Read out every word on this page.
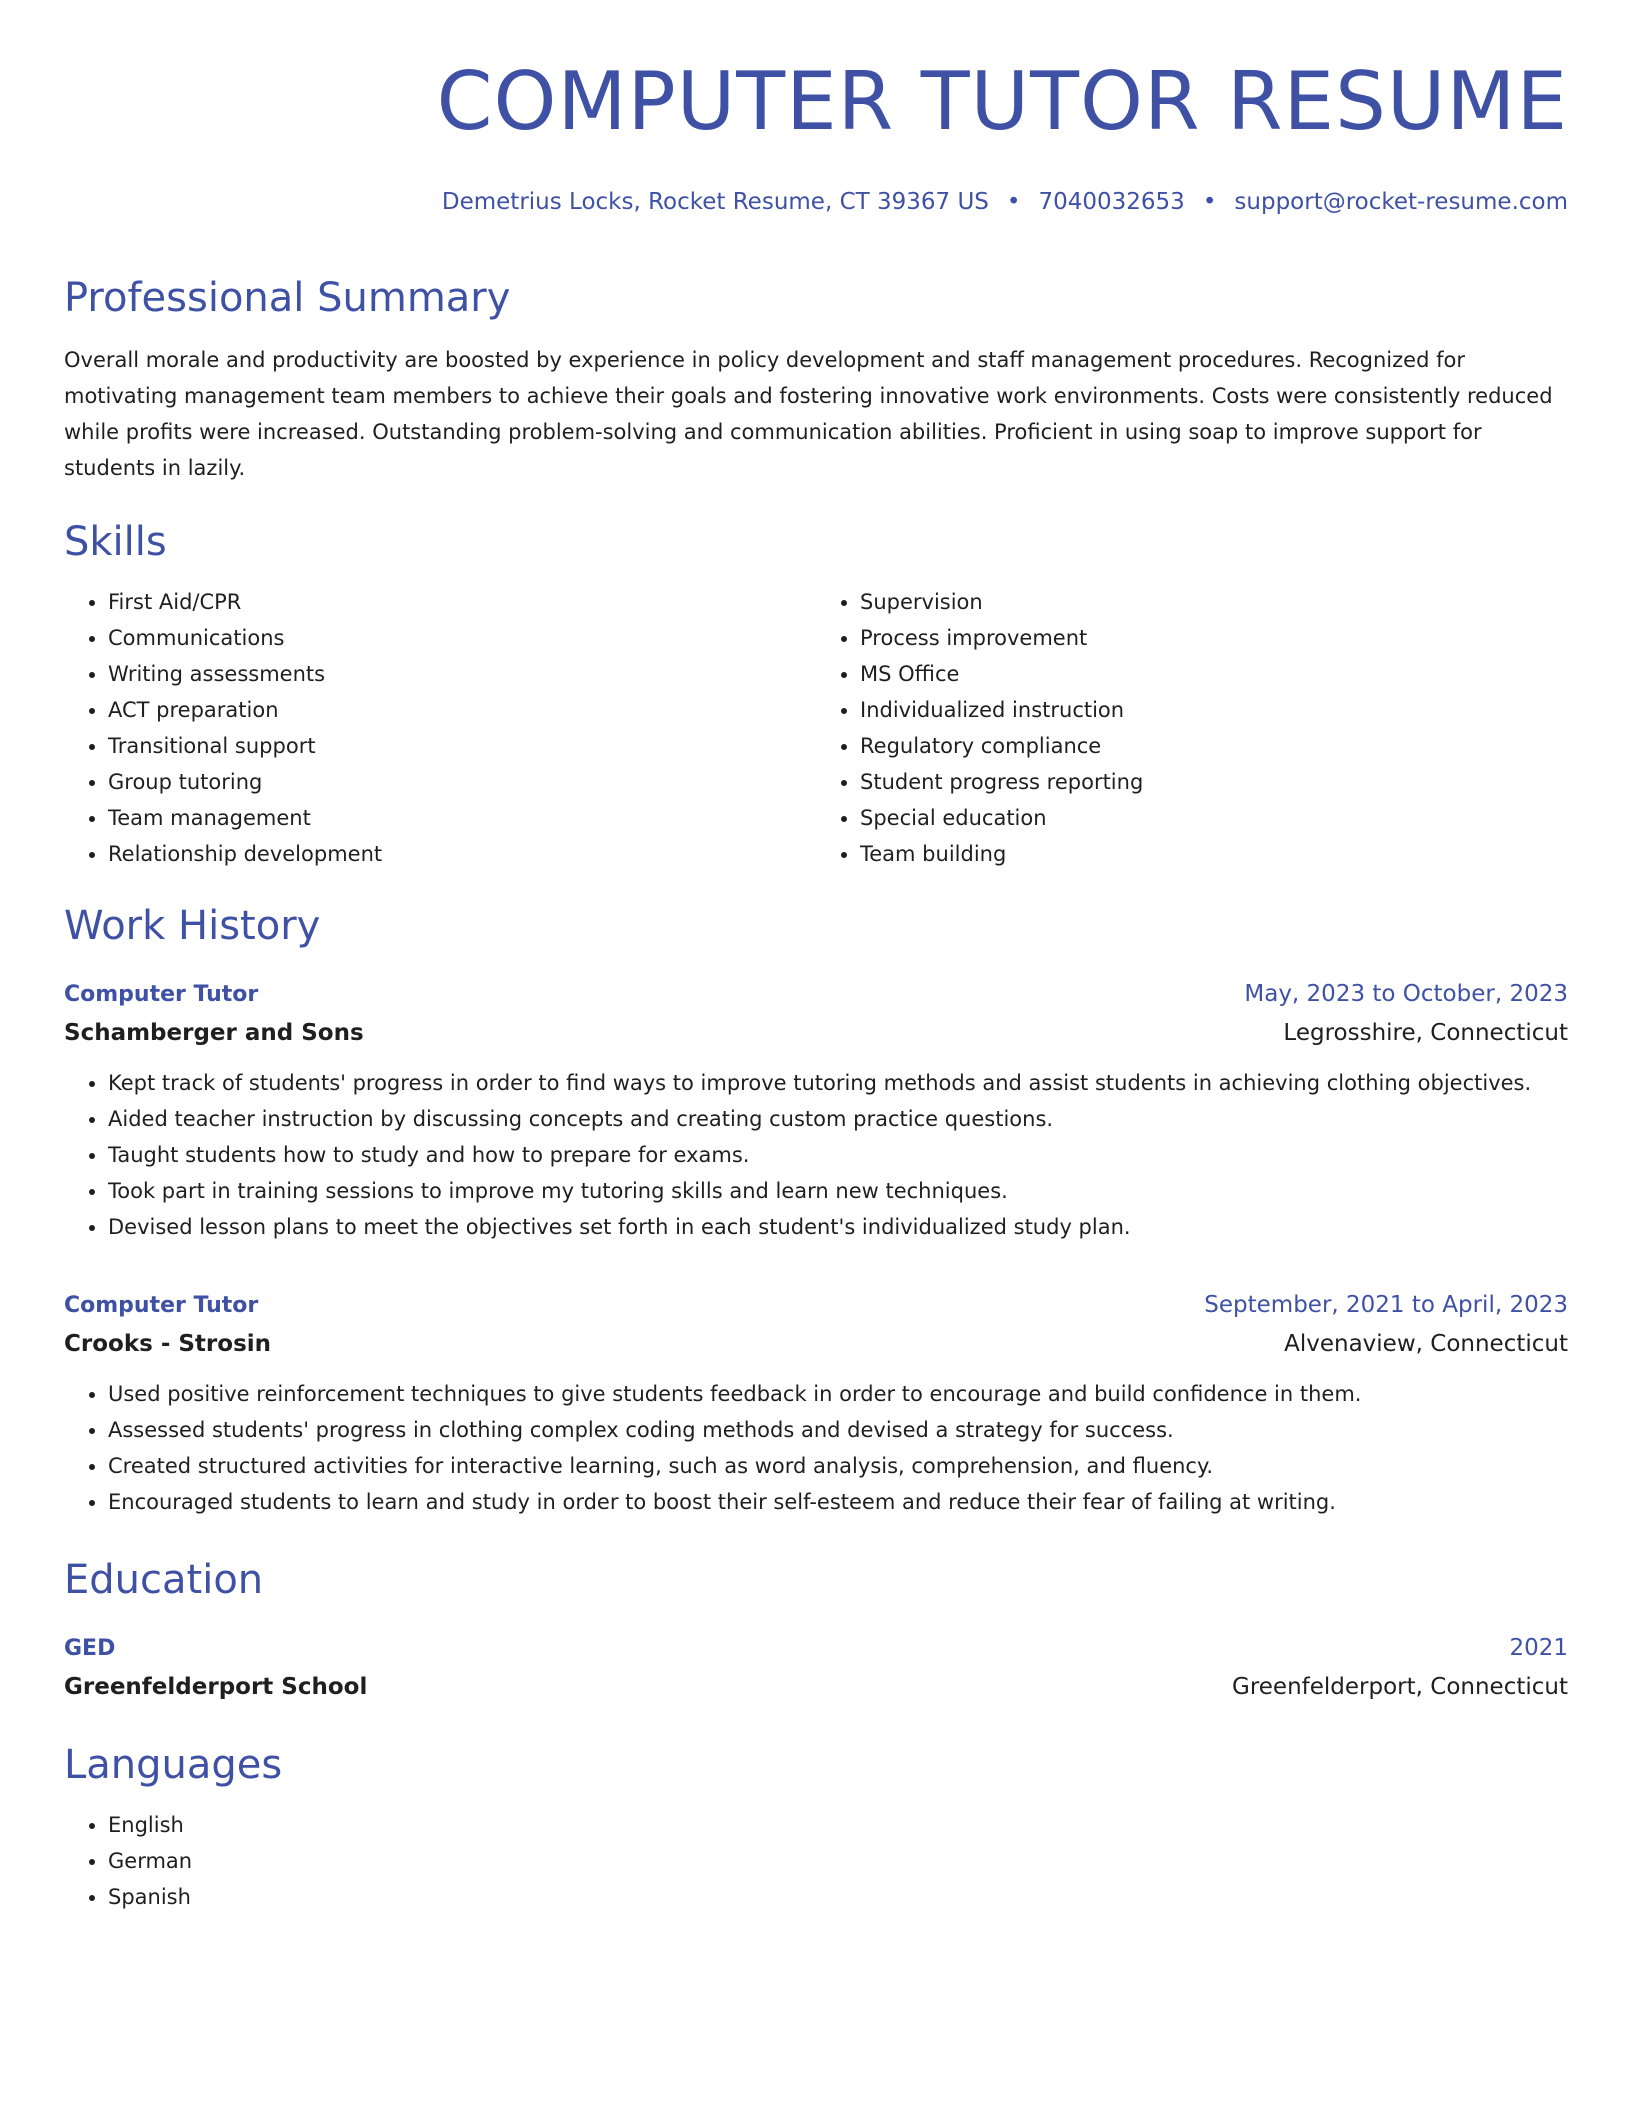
COMPUTER TUTOR RESUME
Demetrius Locks, Rocket Resume, CT 39367 US • 7040032653 • support@rocket-resume.com
Professional Summary
Overall morale and productivity are boosted by experience in policy development and staff management procedures. Recognized for motivating management team members to achieve their goals and fostering innovative work environments. Costs were consistently reduced while profits were increased. Outstanding problem-solving and communication abilities. Proficient in using soap to improve support for students in lazily.
Skills
• First Aid/CPR
• Communications
• Writing assessments
• ACT preparation
• Transitional support
• Group tutoring
• Team management
• Relationship development
• Supervision
• Process improvement
• MS Office
• Individualized instruction
• Regulatory compliance
• Student progress reporting
• Special education
• Team building
Work History
Computer Tutor	May, 2023 to October, 2023
Schamberger and Sons	Legrosshire, Connecticut
• Kept track of students' progress in order to find ways to improve tutoring methods and assist students in achieving clothing objectives.
• Aided teacher instruction by discussing concepts and creating custom practice questions.
• Taught students how to study and how to prepare for exams.
• Took part in training sessions to improve my tutoring skills and learn new techniques.
• Devised lesson plans to meet the objectives set forth in each student's individualized study plan.
Computer Tutor	September, 2021 to April, 2023
Crooks - Strosin	Alvenaview, Connecticut
• Used positive reinforcement techniques to give students feedback in order to encourage and build confidence in them.
• Assessed students' progress in clothing complex coding methods and devised a strategy for success.
• Created structured activities for interactive learning, such as word analysis, comprehension, and fluency.
• Encouraged students to learn and study in order to boost their self-esteem and reduce their fear of failing at writing.
Education
GED	2021
Greenfelderport School	Greenfelderport, Connecticut
Languages
• English
• German
• Spanish
